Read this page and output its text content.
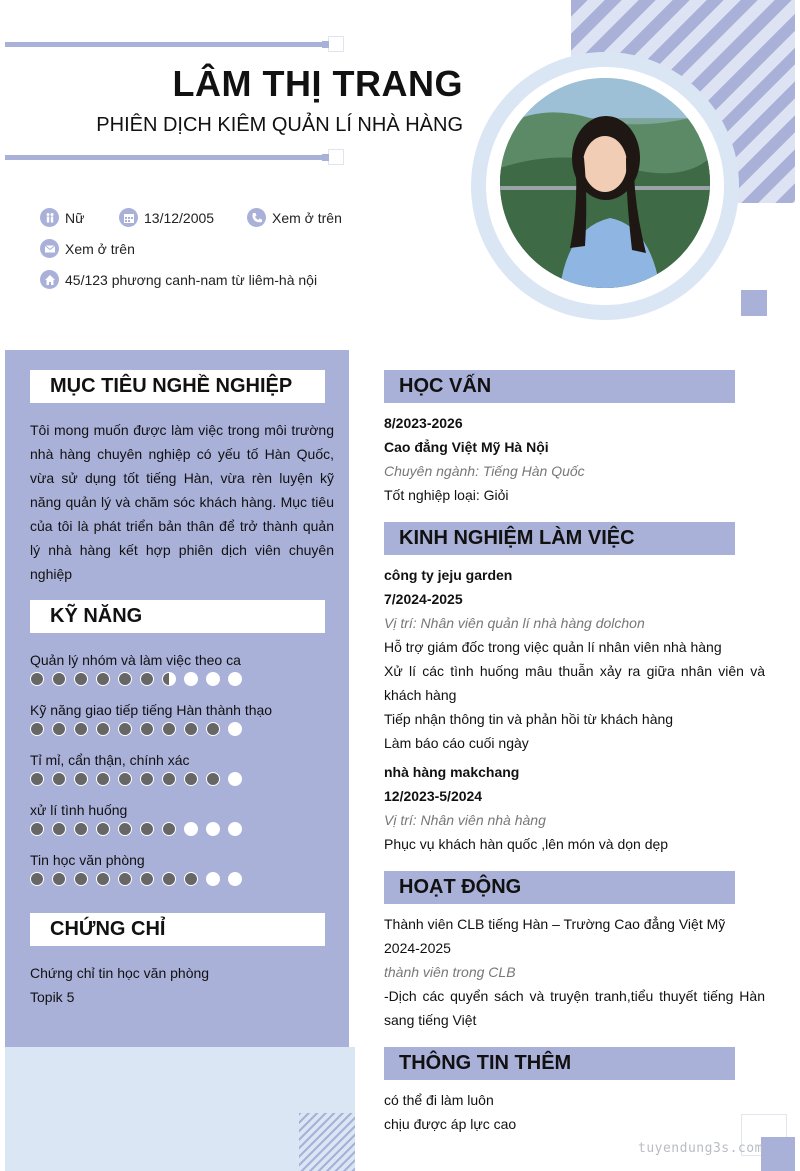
LÂM THỊ TRANG
PHIÊN DỊCH KIÊM QUẢN LÍ NHÀ HÀNG
Nữ	13/12/2005	Xem ở trên
Xem ở trên
45/123 phương canh-nam từ liêm-hà nội
MỤC TIÊU NGHỀ NGHIỆP
Tôi mong muốn được làm việc trong môi trường nhà hàng chuyên nghiệp có yếu tố Hàn Quốc, vừa sử dụng tốt tiếng Hàn, vừa rèn luyện kỹ năng quản lý và chăm sóc khách hàng. Mục tiêu của tôi là phát triển bản thân để trở thành quản lý nhà hàng kết hợp phiên dịch viên chuyên nghiệp
KỸ NĂNG
Quản lý nhóm và làm việc theo ca
Kỹ năng giao tiếp tiếng Hàn thành thạo
Tỉ mỉ, cẩn thận, chính xác
xử lí tình huống
Tin học văn phòng
CHỨNG CHỈ
Chứng chỉ tin học văn phòng
Topik 5
HỌC VẤN
8/2023-2026
Cao đẳng Việt Mỹ Hà Nội
Chuyên ngành: Tiếng Hàn Quốc
Tốt nghiệp loại: Giỏi
KINH NGHIỆM LÀM VIỆC
công ty jeju garden
7/2024-2025
Vị trí: Nhân viên quản lí nhà hàng dolchon
Hỗ trợ giám đốc trong việc quản lí nhân viên nhà hàng
Xử lí các tình huống mâu thuẫn xảy ra giữa nhân viên và khách hàng
Tiếp nhận thông tin và phản hồi từ khách hàng
Làm báo cáo cuối ngày
nhà hàng makchang
12/2023-5/2024
Vị trí: Nhân viên nhà hàng
Phục vụ khách hàn quốc ,lên món và dọn dẹp
HOẠT ĐỘNG
Thành viên CLB tiếng Hàn – Trường Cao đẳng Việt Mỹ
2024-2025
thành viên trong CLB
-Dịch các quyển sách và truyện tranh,tiểu thuyết tiếng Hàn sang tiếng Việt
THÔNG TIN THÊM
có thể đi làm luôn
chịu được áp lực cao
tuyendung3s.com
